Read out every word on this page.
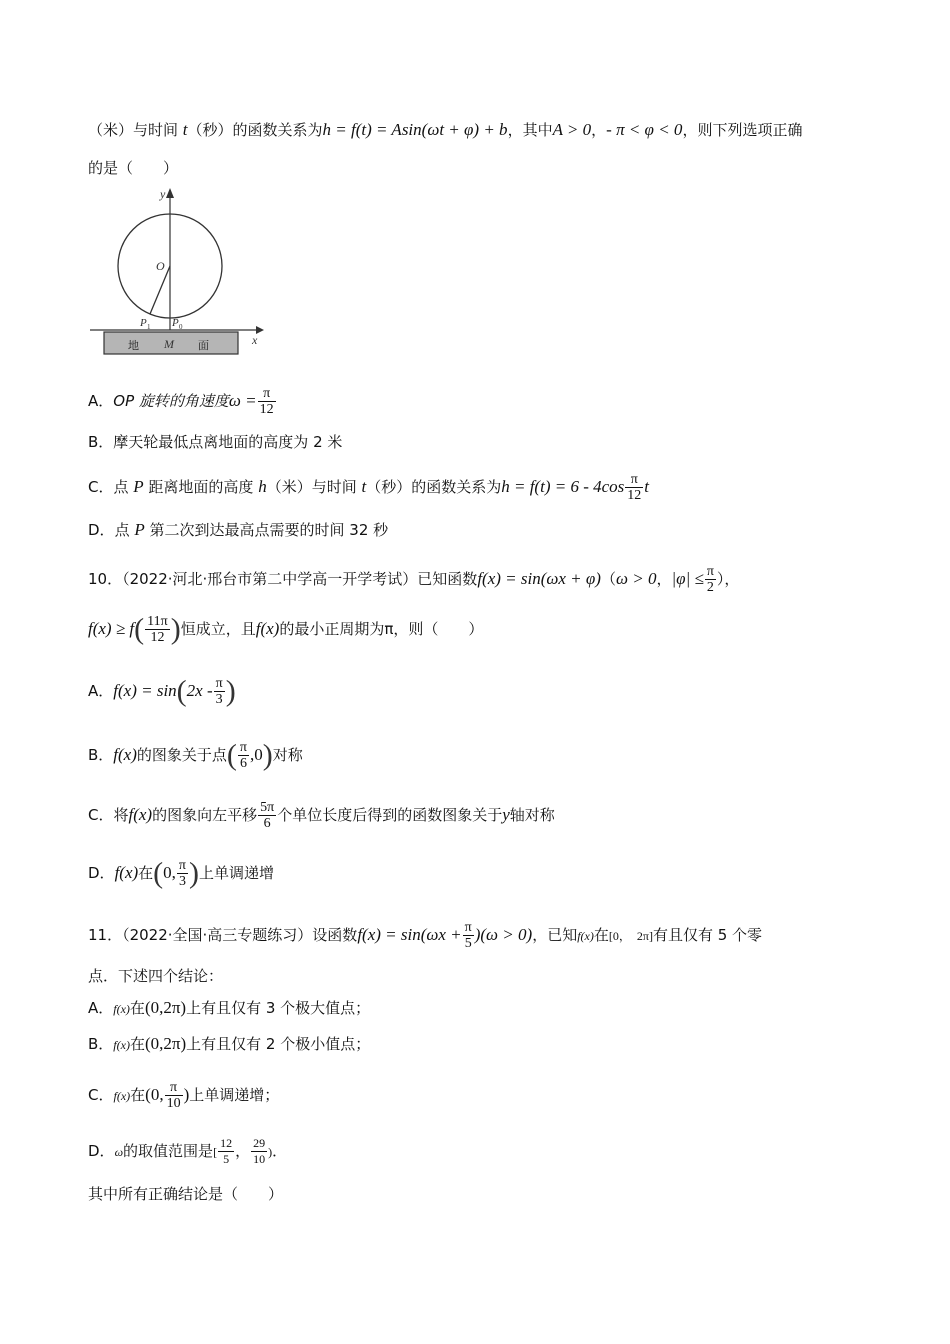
（米）与时间 t（秒）的函数关系为h = f(t) = Asin(ωt + φ) + b，其中A > 0，- π < φ < 0，则下列选项正确
的是（　　）
y
x
O
P 1 P 0
M
地	面
A．OP 旋转的角速度$\omega = \frac{\pi}{12}$
B．摩天轮最低点离地面的高度为 2 米
C．点 P 距离地面的高度 h（米）与时间 t（秒）的函数关系为$h = f(t) = 6 - 4\cos \frac{\pi}{12}$ t
D．点 P 第二次到达最高点需要的时间 32 秒
10．（2022·河北·邢台市第二中学高一开学考试）已知函数f(x) = sin(ωx + φ)（ω > 0，$|\varphi| \le \frac{\pi}{2}$ ），
$f(x) \ge f( \frac{11\pi}{12}$ )恒成立，且f(x)的最小正周期为π，则（　　）
A．$f(x) = \sin(2x - \frac{\pi}{3}$ )
B．f(x)的图象关于点( $\frac{\pi}{6} ,0$)对称
C．将f(x)的图象向左平移 $\frac{5\pi}{6}$ 个单位长度后得到的函数图象关于y轴对称
D．f(x)在(0, $\frac{\pi}{3}$ )上单调递增
11．（2022·全国·高三专题练习）设函数$f(x) = \sin(\omega x + \frac{\pi}{5} )(\omega > 0)$，已知f(x)在[0，　2π]有且仅有 5 个零
点．下述四个结论：
A．f(x)在(0,2π)上有且仅有 3 个极大值点；
B．f(x)在(0,2π)上有且仅有 2 个极小值点；
C．f(x)在(0, $\frac{\pi}{10}$ )上单调递增；
D．ω的取值范围是[ $\frac{12}{5}$ ， $\frac{29}{10}$ )．
其中所有正确结论是（　　）
